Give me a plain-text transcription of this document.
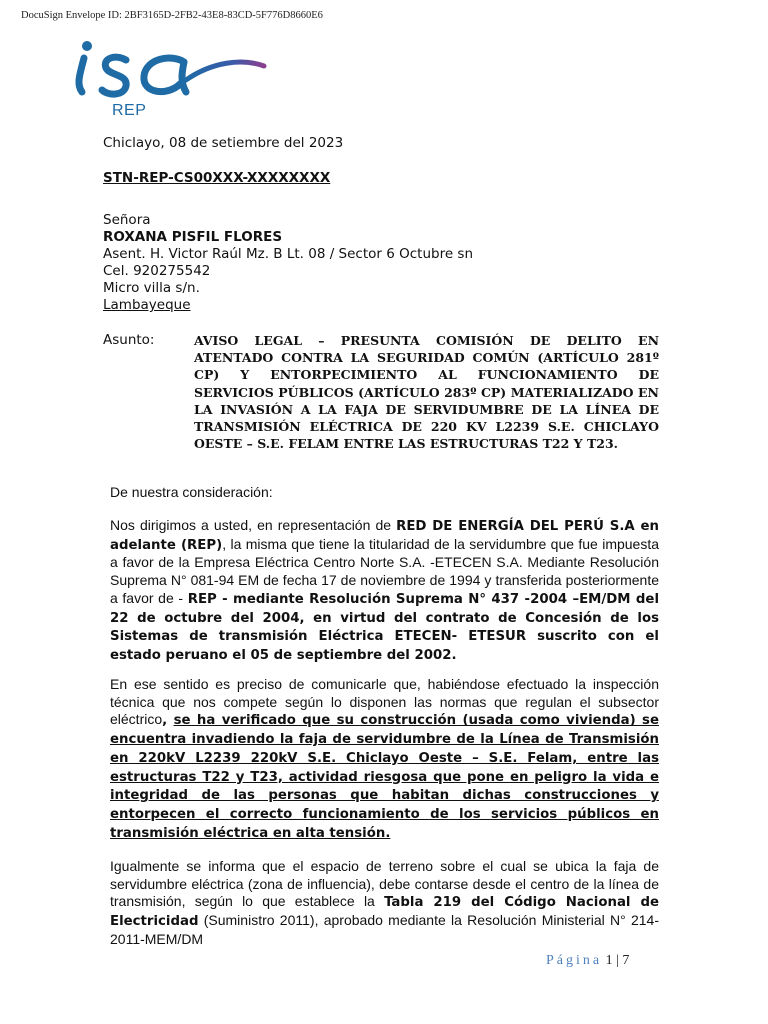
DocuSign Envelope ID: 2BF3165D-2FB2-43E8-83CD-5F776D8660E6
REP
Chiclayo, 08 de setiembre del 2023
STN-REP-CS00XXX-XXXXXXXX
Señora
ROXANA PISFIL FLORES
Asent. H. Victor Raúl Mz. B Lt. 08 / Sector 6 Octubre sn
Cel. 920275542
Micro villa s/n.
Lambayeque
Asunto:	AVISO LEGAL – PRESUNTA COMISIÓN DE DELITO EN ATENTADO CONTRA LA SEGURIDAD COMÚN (ARTÍCULO 281º CP) Y ENTORPECIMIENTO AL FUNCIONAMIENTO DE SERVICIOS PÚBLICOS (ARTÍCULO 283º CP) MATERIALIZADO EN LA INVASIÓN A LA FAJA DE SERVIDUMBRE DE LA LÍNEA DE TRANSMISIÓN ELÉCTRICA DE 220 KV L2239 S.E. CHICLAYO OESTE – S.E. FELAM ENTRE LAS ESTRUCTURAS T22 Y T23.
De nuestra consideración:
Nos dirigimos a usted, en representación de RED DE ENERGÍA DEL PERÚ S.A en adelante (REP), la misma que tiene la titularidad de la servidumbre que fue impuesta a favor de la Empresa Eléctrica Centro Norte S.A. -ETECEN S.A. Mediante Resolución Suprema N° 081-94 EM de fecha 17 de noviembre de 1994 y transferida posteriormente a favor de - REP - mediante Resolución Suprema N° 437 -2004 –EM/DM del 22 de octubre del 2004, en virtud del contrato de Concesión de los Sistemas de transmisión Eléctrica ETECEN- ETESUR suscrito con el estado peruano el 05 de septiembre del 2002.
En ese sentido es preciso de comunicarle que, habiéndose efectuado la inspección técnica que nos compete según lo disponen las normas que regulan el subsector eléctrico, se ha verificado que su construcción (usada como vivienda) se encuentra invadiendo la faja de servidumbre de la Línea de Transmisión en 220kV L2239 220kV S.E. Chiclayo Oeste – S.E. Felam, entre las estructuras T22 y T23, actividad riesgosa que pone en peligro la vida e integridad de las personas que habitan dichas construcciones y entorpecen el correcto funcionamiento de los servicios públicos en transmisión eléctrica en alta tensión.
Igualmente se informa que el espacio de terreno sobre el cual se ubica la faja de servidumbre eléctrica (zona de influencia), debe contarse desde el centro de la línea de transmisión, según lo que establece la Tabla 219 del Código Nacional de Electricidad (Suministro 2011), aprobado mediante la Resolución Ministerial N° 214-2011-MEM/DM
Página 1 | 7
